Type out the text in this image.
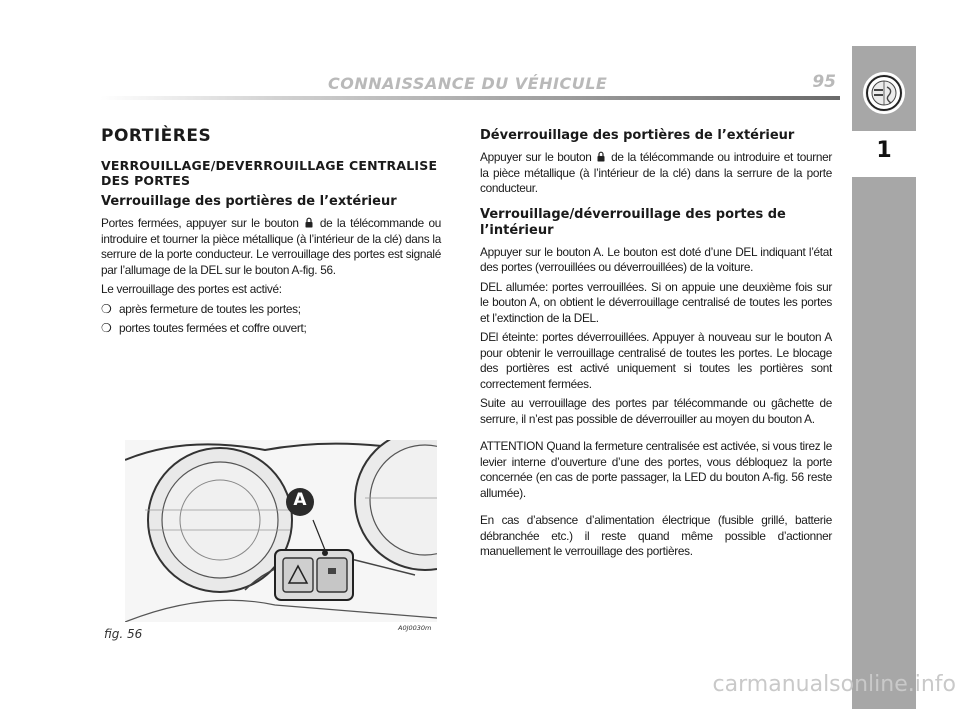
CONNAISSANCE DU VÉHICULE	95
1
PORTIÈRES
VERROUILLAGE/DEVERROUILLAGE CENTRALISE DES PORTES
Verrouillage des portières de l’extérieur

Portes fermées, appuyer sur le bouton de la télécommande ou introduire et tourner la pièce métallique (à l’intérieur de la clé) dans la serrure de la porte conducteur. Le verrouillage des portes est signalé par l’allumage de la DEL sur le bouton A-fig. 56.

Le verrouillage des portes est activé:

❍ après fermeture de toutes les portes;

❍ portes toutes fermées et coffre ouvert;

Déverrouillage des portières de l’extérieur

Appuyer sur le bouton de la télécommande ou introduire et tourner la pièce métallique (à l’intérieur de la clé) dans la serrure de la porte conducteur.

Verrouillage/déverrouillage des portes de l’intérieur

Appuyer sur le bouton A. Le bouton est doté d’une DEL indiquant l’état des portes (verrouillées ou déverrouillées) de la voiture.

DEL allumée: portes verrouillées. Si on appuie une deuxième fois sur le bouton A, on obtient le déverrouillage centralisé de toutes les portes et l’extinction de la DEL.

DEl éteinte: portes déverrouillées. Appuyer à nouveau sur le bouton A pour obtenir le verrouillage centralisé de toutes les portes. Le blocage des portières est activé uniquement si toutes les portières sont correctement fermées.

Suite au verrouillage des portes par télécommande ou gâchette de serrure, il n’est pas possible de déverrouiller au moyen du bouton A.

ATTENTION Quand la fermeture centralisée est activée, si vous tirez le levier interne d’ouverture d’une des portes, vous débloquez la porte concernée (en cas de porte passager, la LED du bouton A-fig. 56 reste allumée).

En cas d’absence d’alimentation électrique (fusible grillé, batterie débranchée etc.) il reste quand même possible d’actionner manuellement le verrouillage des portières.

A
fig. 56	A0J0030m
carmanualsonline.info
